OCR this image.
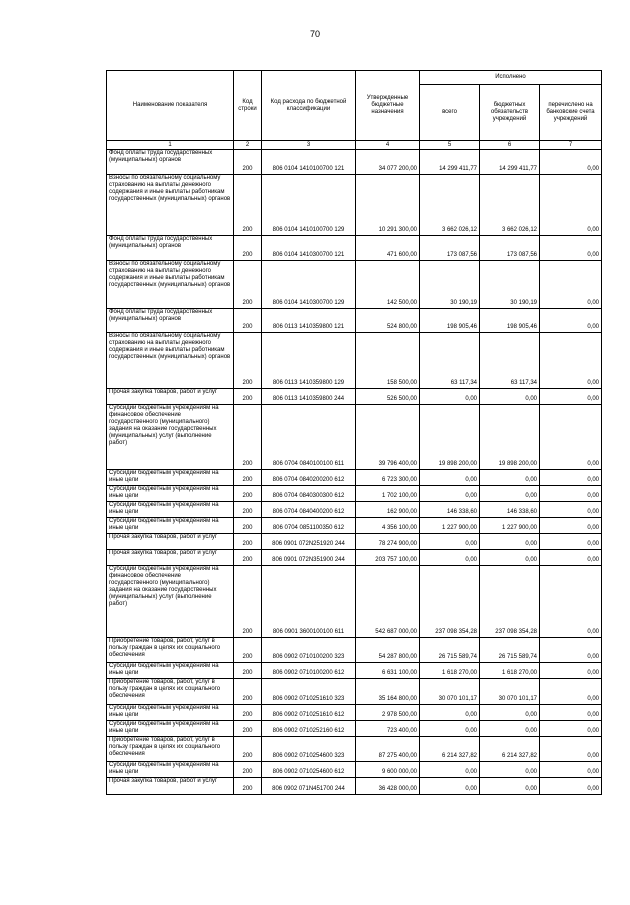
70
Наименование показателя	Код строки	Код расхода по бюджетной классификации	Утвержденные бюджетные назначения	Исполнено		
				всего	бюджетных обязательств учреждений	перечислено на банковские счета учреждений
1	2	3	4	5	6	7
Фонд оплаты труда государственных (муниципальных) органов	200	806 0104 1410100700 121	34 077 200,00	14 299 411,77	14 299 411,77	0,00
Взносы по обязательному социальному страхованию на выплаты денежного содержания и иные выплаты работникам государственных (муниципальных) органов	200	806 0104 1410100700 129	10 291 300,00	3 662 026,12	3 662 026,12	0,00
Фонд оплаты труда государственных (муниципальных) органов	200	806 0104 1410300700 121	471 600,00	173 087,56	173 087,56	0,00
Взносы по обязательному социальному страхованию на выплаты денежного содержания и иные выплаты работникам государственных (муниципальных) органов	200	806 0104 1410300700 129	142 500,00	30 190,19	30 190,19	0,00
Фонд оплаты труда государственных (муниципальных) органов	200	806 0113 1410359800 121	524 800,00	198 905,46	198 905,46	0,00
Взносы по обязательному социальному страхованию на выплаты денежного содержания и иные выплаты работникам государственных (муниципальных) органов	200	806 0113 1410359800 129	158 500,00	63 117,34	63 117,34	0,00
Прочая закупка товаров, работ и услуг	200	806 0113 1410359800 244	526 500,00	0,00	0,00	0,00
Субсидии бюджетным учреждениям на финансовое обеспечение государственного (муниципального) задания на оказание государственных (муниципальных) услуг (выполнение работ)	200	806 0704 0840100100 611	39 796 400,00	19 898 200,00	19 898 200,00	0,00
Субсидии бюджетным учреждениям на иные цели	200	806 0704 0840200200 612	6 723 300,00	0,00	0,00	0,00
Субсидии бюджетным учреждениям на иные цели	200	806 0704 0840300300 612	1 702 100,00	0,00	0,00	0,00
Субсидии бюджетным учреждениям на иные цели	200	806 0704 0840400200 612	162 900,00	146 338,60	146 338,60	0,00
Субсидии бюджетным учреждениям на иные цели	200	806 0704 0851100350 612	4 356 100,00	1 227 900,00	1 227 900,00	0,00
Прочая закупка товаров, работ и услуг	200	806 0901 072N251920 244	78 274 900,00	0,00	0,00	0,00
Прочая закупка товаров, работ и услуг	200	806 0901 072N351900 244	203 757 100,00	0,00	0,00	0,00
Субсидии бюджетным учреждениям на финансовое обеспечение государственного (муниципального) задания на оказание государственных (муниципальных) услуг (выполнение работ)	200	806 0901 3600100100 611	542 687 000,00	237 098 354,28	237 098 354,28	0,00
Приобретение товаров, работ, услуг в пользу граждан в целях их социального обеспечения	200	806 0902 0710100200 323	54 287 800,00	26 715 589,74	26 715 589,74	0,00
Субсидии бюджетным учреждениям на иные цели	200	806 0902 0710100200 612	6 631 100,00	1 618 270,00	1 618 270,00	0,00
Приобретение товаров, работ, услуг в пользу граждан в целях их социального обеспечения	200	806 0902 0710251610 323	35 164 800,00	30 070 101,17	30 070 101,17	0,00
Субсидии бюджетным учреждениям на иные цели	200	806 0902 0710251610 612	2 978 500,00	0,00	0,00	0,00
Субсидии бюджетным учреждениям на иные цели	200	806 0902 0710252160 612	723 400,00	0,00	0,00	0,00
Приобретение товаров, работ, услуг в пользу граждан в целях их социального обеспечения	200	806 0902 0710254600 323	87 275 400,00	6 214 327,82	6 214 327,82	0,00
Субсидии бюджетным учреждениям на иные цели	200	806 0902 0710254600 612	9 600 000,00	0,00	0,00	0,00
Прочая закупка товаров, работ и услуг	200	806 0902 071N451700 244	36 428 000,00	0,00	0,00	0,00
